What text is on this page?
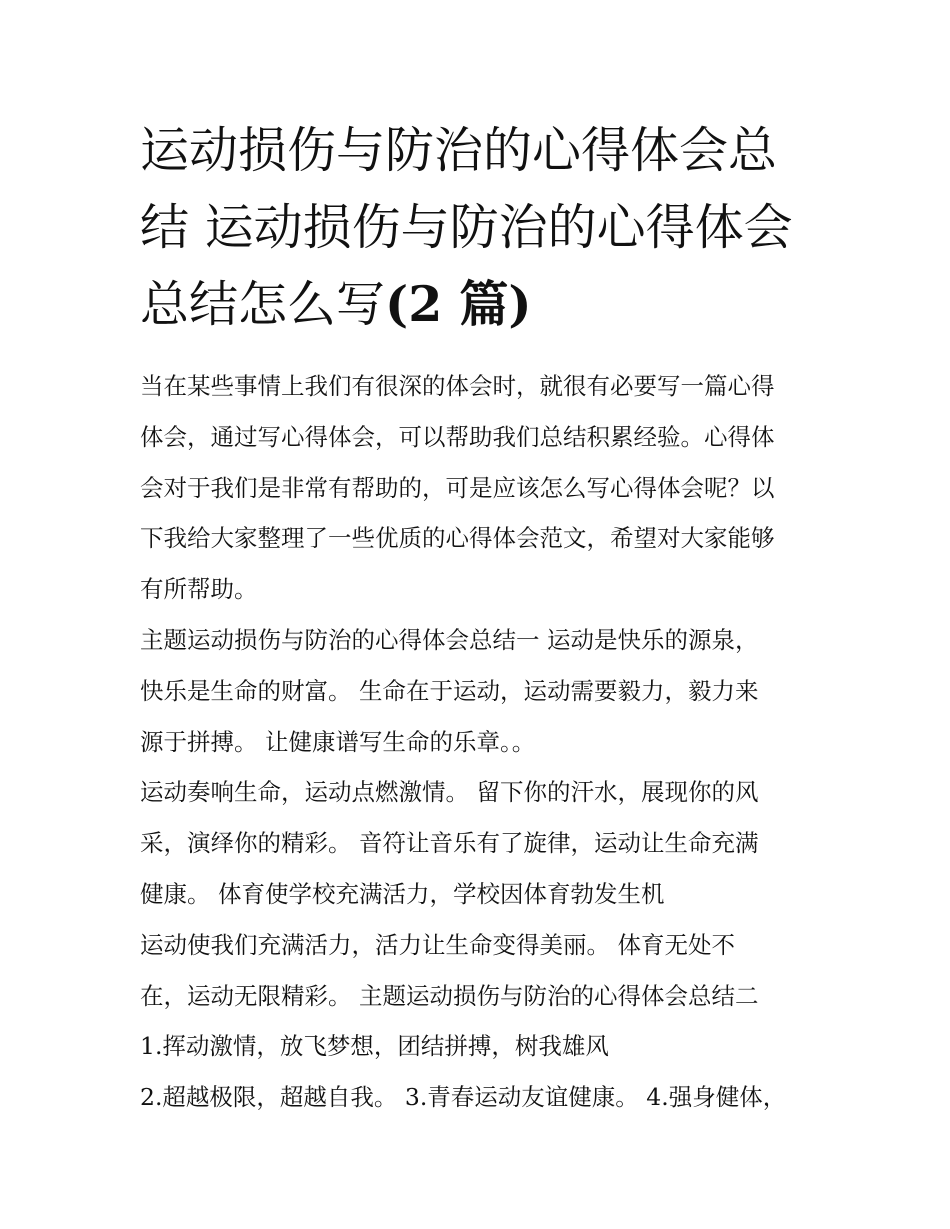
运动损伤与防治的心得体会总
结 运动损伤与防治的心得体会
总结怎么写(2 篇)
当在某些事情上我们有很深的体会时，就很有必要写一篇心得
体会，通过写心得体会，可以帮助我们总结积累经验。心得体
会对于我们是非常有帮助的，可是应该怎么写心得体会呢？以
下我给大家整理了一些优质的心得体会范文，希望对大家能够
有所帮助。
主题运动损伤与防治的心得体会总结一 运动是快乐的源泉，
快乐是生命的财富。 生命在于运动，运动需要毅力，毅力来
源于拼搏。 让健康谱写生命的乐章。。
运动奏响生命，运动点燃激情。 留下你的汗水，展现你的风
采，演绎你的精彩。 音符让音乐有了旋律，运动让生命充满
健康。 体育使学校充满活力，学校因体育勃发生机
运动使我们充满活力，活力让生命变得美丽。 体育无处不
在，运动无限精彩。 主题运动损伤与防治的心得体会总结二
1.挥动激情，放飞梦想，团结拼搏，树我雄风
2.超越极限，超越自我。 3.青春运动友谊健康。 4.强身健体，
